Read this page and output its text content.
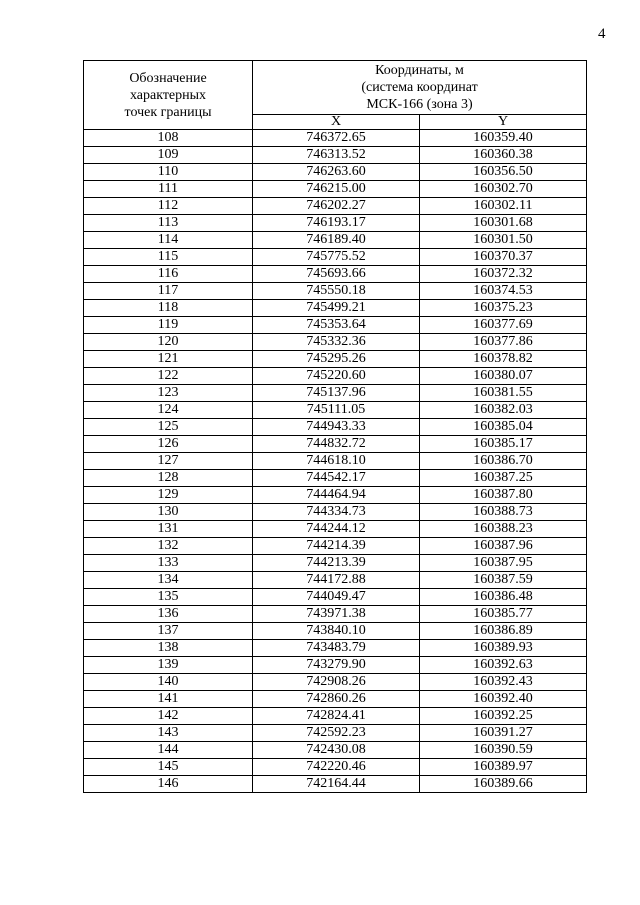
4
Обозначение
характерных
точек границы	Координаты, м
(система координат
МСК-166 (зона 3)	

	X	Y
108	746372.65	160359.40
109	746313.52	160360.38
110	746263.60	160356.50
111	746215.00	160302.70
112	746202.27	160302.11
113	746193.17	160301.68
114	746189.40	160301.50
115	745775.52	160370.37
116	745693.66	160372.32
117	745550.18	160374.53
118	745499.21	160375.23
119	745353.64	160377.69
120	745332.36	160377.86
121	745295.26	160378.82
122	745220.60	160380.07
123	745137.96	160381.55
124	745111.05	160382.03
125	744943.33	160385.04
126	744832.72	160385.17
127	744618.10	160386.70
128	744542.17	160387.25
129	744464.94	160387.80
130	744334.73	160388.73
131	744244.12	160388.23
132	744214.39	160387.96
133	744213.39	160387.95
134	744172.88	160387.59
135	744049.47	160386.48
136	743971.38	160385.77
137	743840.10	160386.89
138	743483.79	160389.93
139	743279.90	160392.63
140	742908.26	160392.43
141	742860.26	160392.40
142	742824.41	160392.25
143	742592.23	160391.27
144	742430.08	160390.59
145	742220.46	160389.97
146	742164.44	160389.66
